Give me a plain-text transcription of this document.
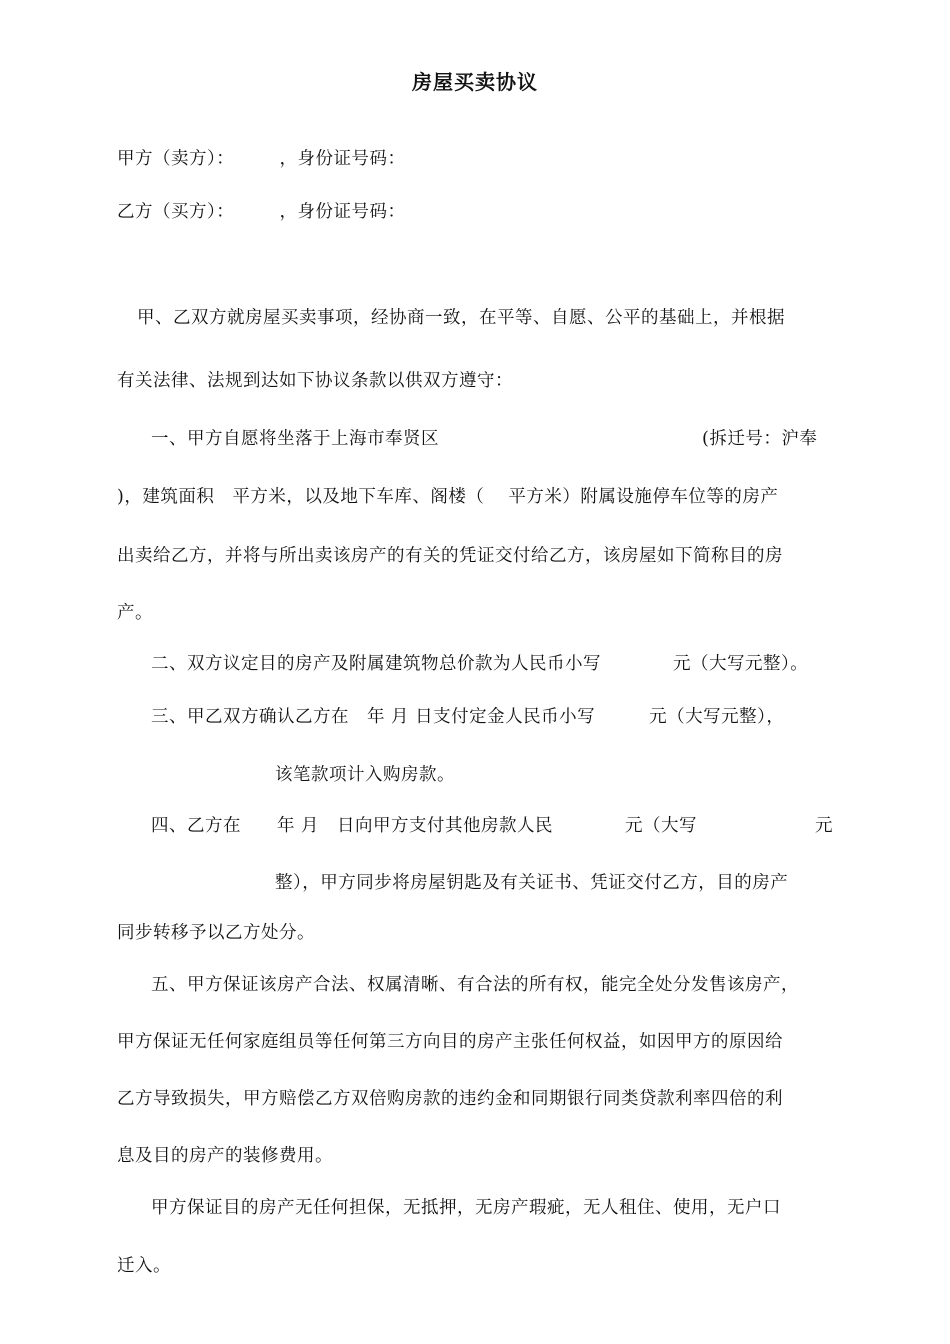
房屋买卖协议
甲方（卖方）：　　　，身份证号码：
乙方（买方）：　　　，身份证号码：
甲、乙双方就房屋买卖事项，经协商一致，在平等、自愿、公平的基础上，并根据
有关法律、法规到达如下协议条款以供双方遵守：
一、甲方自愿将坐落于上海市奉贤区	(拆迁号：沪奉
)，建筑面积　平方米，以及地下车库、阁楼（　 平方米）附属设施停车位等的房产
出卖给乙方，并将与所出卖该房产的有关的凭证交付给乙方，该房屋如下简称目的房
产。
二、双方议定目的房产及附属建筑物总价款为人民币小写　　　　元（大写元整）。
三、甲乙双方确认乙方在　年 月 日支付定金人民币小写　　　元（大写元整），
该笔款项计入购房款。
四、乙方在　　年 月　日向甲方支付其他房款人民　　　　元（大写	元
整），甲方同步将房屋钥匙及有关证书、凭证交付乙方，目的房产
同步转移予以乙方处分。
五、甲方保证该房产合法、权属清晰、有合法的所有权，能完全处分发售该房产，
甲方保证无任何家庭组员等任何第三方向目的房产主张任何权益，如因甲方的原因给
乙方导致损失，甲方赔偿乙方双倍购房款的违约金和同期银行同类贷款利率四倍的利
息及目的房产的装修费用。
甲方保证目的房产无任何担保，无抵押，无房产瑕疵，无人租住、使用，无户口
迁入。
